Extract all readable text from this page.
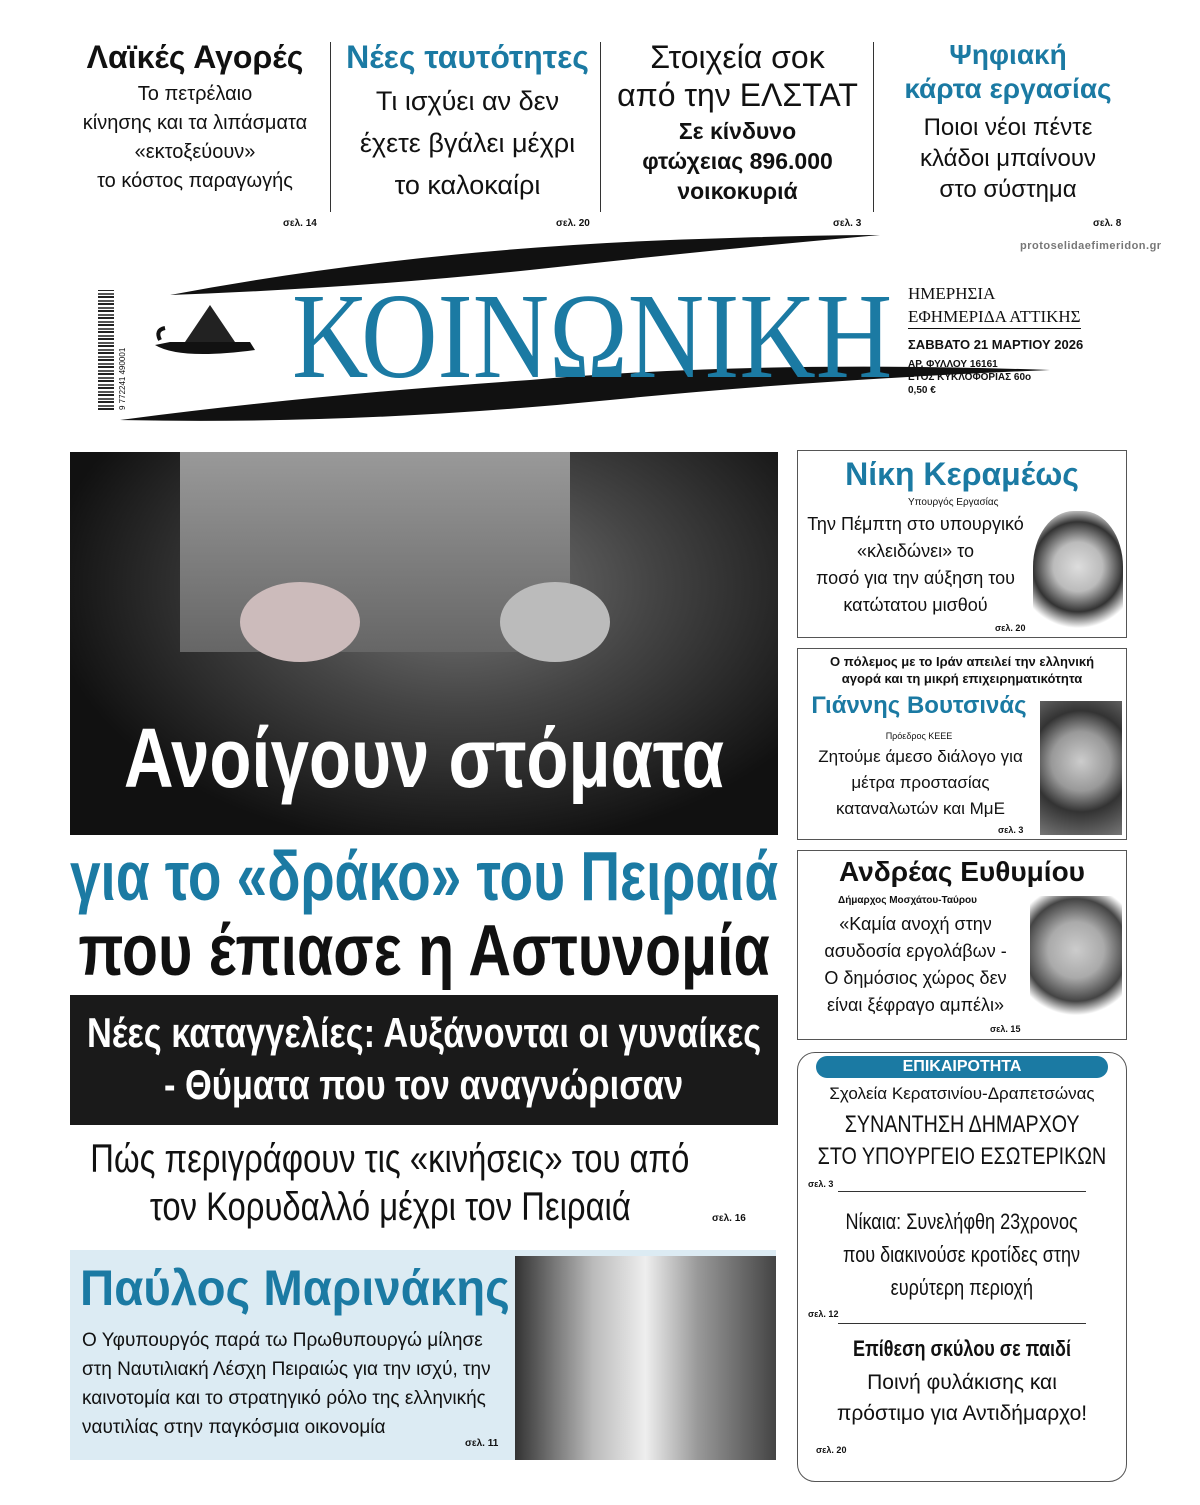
Λαϊκές Αγορές
Το πετρέλαιο
κίνησης και τα λιπάσματα
«εκτοξεύουν»
το κόστος παραγωγής
σελ. 14
Νέες ταυτότητες
Τι ισχύει αν δεν
έχετε βγάλει μέχρι
το καλοκαίρι
σελ. 20
Στοιχεία σοκ
από την ΕΛΣΤΑΤ
Σε κίνδυνο
φτώχειας 896.000
νοικοκυριά
σελ. 3
Ψηφιακή
κάρτα εργασίας
Ποιοι νέοι πέντε
κλάδοι μπαίνουν
στο σύστημα
σελ. 8
protoselidaefimeridon.gr
9 772241 490001 ΚΟΙΝΩΝΙΚΗ ΗΜΕΡΗΣΙΑ
ΕΦΗΜΕΡΙΔΑ ΑΤΤΙΚΗΣ
ΣΑΒΒΑΤΟ 21 ΜΑΡΤΙΟΥ 2026
ΑΡ. ΦΥΛΛΟΥ 16161
ΕΤΟΣ ΚΥΚΛΟΦΟΡΙΑΣ 60ο
0,50 €
Ανοίγουν στόματα
για το «δράκο» του Πειραιά
που έπιασε η Αστυνομία
Νέες καταγγελίες: Αυξάνονται οι γυναίκες
- Θύματα που τον αναγνώρισαν
Πώς περιγράφουν τις «κινήσεις» του από
τον Κορυδαλλό μέχρι τον Πειραιά	σελ. 16
Παύλος Μαρινάκης
Ο Υφυπουργός παρά τω Πρωθυπουργώ μίλησε
στη Ναυτιλιακή Λέσχη Πειραιώς για την ισχύ, την
καινοτομία και το στρατηγικό ρόλο της ελληνικής
ναυτιλίας στην παγκόσμια οικονομία
σελ. 11
Νίκη Κεραμέως
Υπουργός Εργασίας
Την Πέμπτη στο υπουργικό
«κλειδώνει» το
ποσό για την αύξηση του
κατώτατου μισθού
σελ. 20
Ο πόλεμος με το Ιράν απειλεί την ελληνική
αγορά και τη μικρή επιχειρηματικότητα
Γιάννης Βουτσινάς
Πρόεδρος ΚΕΕΕ
Ζητούμε άμεσο διάλογο για
μέτρα προστασίας
καταναλωτών και ΜμΕ
σελ. 3
Ανδρέας Ευθυμίου
Δήμαρχος Μοσχάτου-Ταύρου
«Καμία ανοχή στην
ασυδοσία εργολάβων -
Ο δημόσιος χώρος δεν
είναι ξέφραγο αμπέλι»
σελ. 15
ΕΠΙΚΑΙΡΟΤΗΤΑ
Σχολεία Κερατσινίου-Δραπετσώνας
ΣΥΝΑΝΤΗΣΗ ΔΗΜΑΡΧΟΥ
ΣΤΟ ΥΠΟΥΡΓΕΙΟ ΕΣΩΤΕΡΙΚΩΝ
σελ. 3
Νίκαια: Συνελήφθη 23χρονος
που διακινούσε κροτίδες στην
ευρύτερη περιοχή
σελ. 12
Επίθεση σκύλου σε παιδί
Ποινή φυλάκισης και
πρόστιμο για Αντιδήμαρχο!
σελ. 20
